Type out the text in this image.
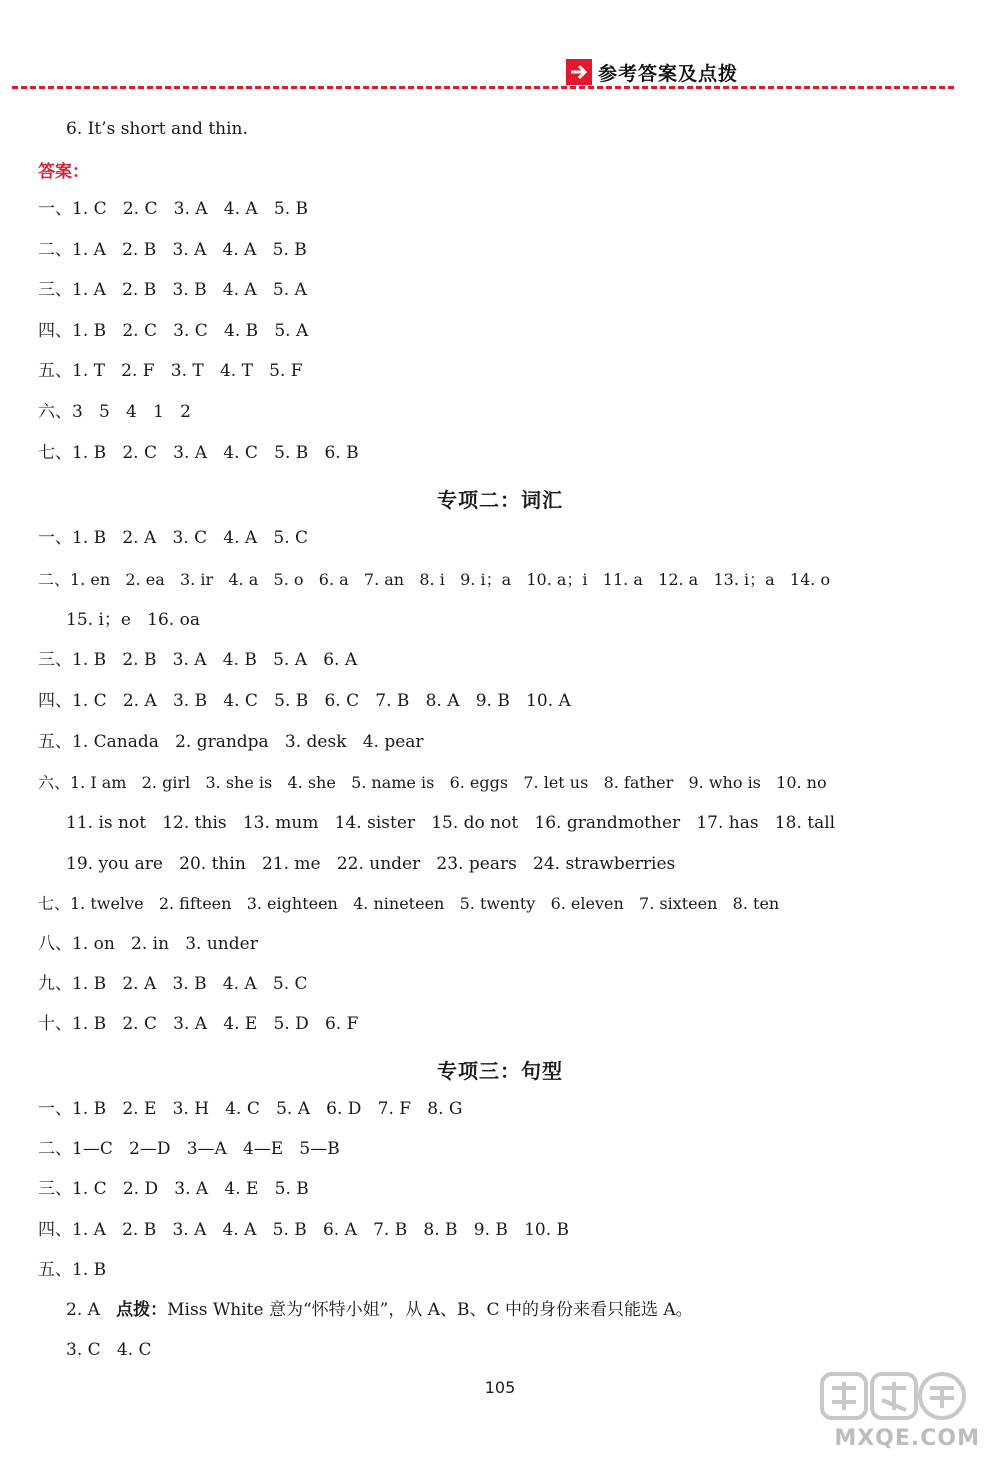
参考答案及点拨
6. It’s short and thin.
答案：
一、1. C   2. C   3. A   4. A   5. B
二、1. A   2. B   3. A   4. A   5. B
三、1. A   2. B   3. B   4. A   5. A
四、1. B   2. C   3. C   4. B   5. A
五、1. T   2. F   3. T   4. T   5. F
六、3   5   4   1   2
七、1. B   2. C   3. A   4. C   5. B   6. B
专项二：词汇
一、1. B   2. A   3. C   4. A   5. C
二、1. en   2. ea   3. ir   4. a   5. o   6. a   7. an   8. i   9. i；a   10. a；i   11. a   12. a   13. i；a   14. o
15. i；e   16. oa
三、1. B   2. B   3. A   4. B   5. A   6. A
四、1. C   2. A   3. B   4. C   5. B   6. C   7. B   8. A   9. B   10. A
五、1. Canada   2. grandpa   3. desk   4. pear
六、1. I am   2. girl   3. she is   4. she   5. name is   6. eggs   7. let us   8. father   9. who is   10. no
11. is not   12. this   13. mum   14. sister   15. do not   16. grandmother   17. has   18. tall
19. you are   20. thin   21. me   22. under   23. pears   24. strawberries
七、1. twelve   2. fifteen   3. eighteen   4. nineteen   5. twenty   6. eleven   7. sixteen   8. ten
八、1. on   2. in   3. under
九、1. B   2. A   3. B   4. A   5. C
十、1. B   2. C   3. A   4. E   5. D   6. F
专项三：句型
一、1. B   2. E   3. H   4. C   5. A   6. D   7. F   8. G
二、1—C   2—D   3—A   4—E   5—B
三、1. C   2. D   3. A   4. E   5. B
四、1. A   2. B   3. A   4. A   5. B   6. A   7. B   8. B   9. B   10. B
五、1. B
2. A   点拨：Miss White 意为“怀特小姐”，从 A、B、C 中的身份来看只能选 A。
3. C   4. C
105
MXQE.COM
